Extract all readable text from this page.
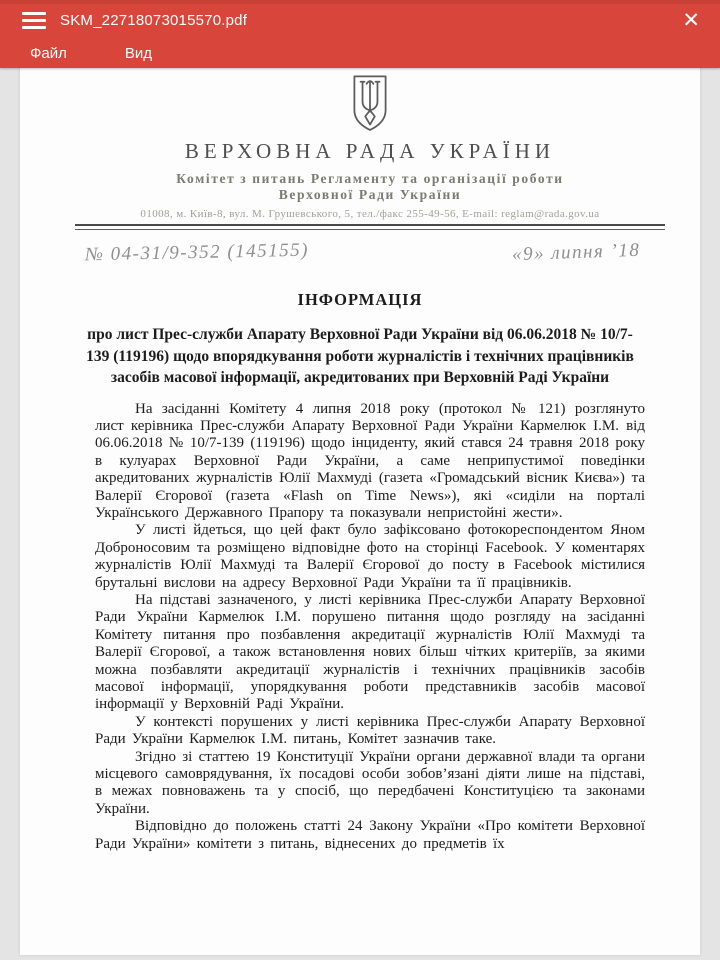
SKM_22718073015570.pdf	✕
Файл	Вид
ВЕРХОВНА РАДА УКРАЇНИ
Комітет з питань Регламенту та організації роботи
Верховної Ради України
01008, м. Київ-8, вул. М. Грушевського, 5, тел./факс 255-49-56, E-mail: reglam@rada.gov.ua
№ 04-31/9-352 (145155)	«9» липня ’18
ІНФОРМАЦІЯ
про лист Прес-служби Апарату Верховної Ради України від 06.06.2018 № 10/7-139 (119196) щодо впорядкування роботи журналістів і технічних працівників засобів масової інформації, акредитованих при Верховній Раді України

На засіданні Комітету 4 липня 2018 року (протокол № 121) розглянуто лист керівника Прес-служби Апарату Верховної Ради України Кармелюк І.М. від 06.06.2018 № 10/7-139 (119196) щодо інциденту, який стався 24 травня 2018 року в кулуарах Верховної Ради України, а саме неприпустимої поведінки акредитованих журналістів Юлії Махмуді (газета «Громадський вісник Києва») та Валерії Єгорової (газета «Flash on Time News»), які «сиділи на порталі Українського Державного Прапору та показували непристойні жести».

У листі йдеться, що цей факт було зафіксовано фотокореспондентом Яном Доброносовим та розміщено відповідне фото на сторінці Facebook. У коментарях журналістів Юлії Махмуді та Валерії Єгорової до посту в Facebook містилися брутальні вислови на адресу Верховної Ради України та її працівників.

На підставі зазначеного, у листі керівника Прес-служби Апарату Верховної Ради України Кармелюк І.М. порушено питання щодо розгляду на засіданні Комітету питання про позбавлення акредитації журналістів Юлії Махмуді та Валерії Єгорової, а також встановлення нових більш чітких критеріїв, за якими можна позбавляти акредитації журналістів і технічних працівників засобів масової інформації, упорядкування роботи представників засобів масової інформації у Верховній Раді України.

У контексті порушених у листі керівника Прес-служби Апарату Верховної Ради України Кармелюк І.М. питань, Комітет зазначив таке.

Згідно зі статтею 19 Конституції України органи державної влади та органи місцевого самоврядування, їх посадові особи зобов’язані діяти лише на підставі, в межах повноважень та у спосіб, що передбачені Конституцією та законами України.

Відповідно до положень статті 24 Закону України «Про комітети Верховної Ради України» комітети з питань, віднесених до предметів їх
